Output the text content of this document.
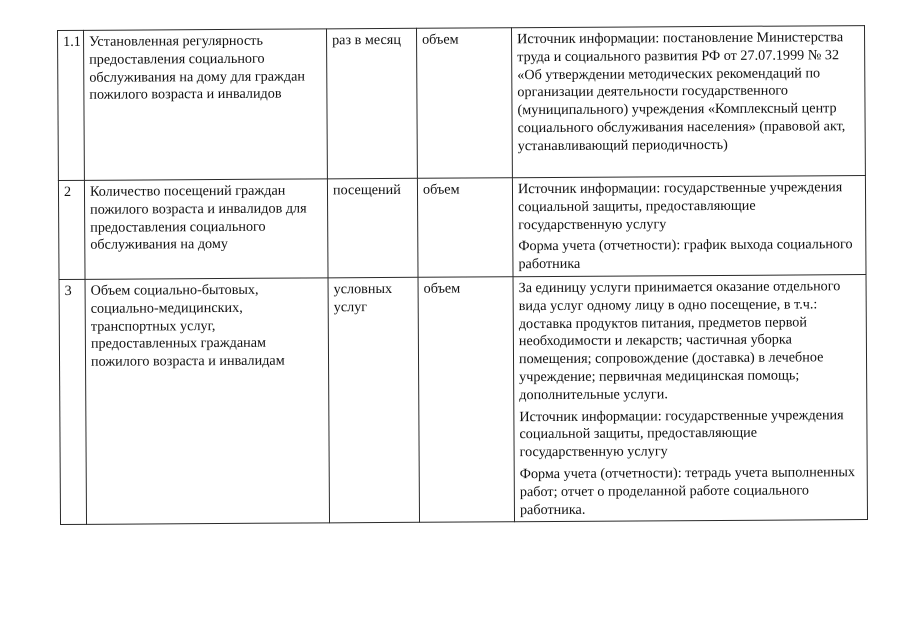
1.1	Установленная регулярность предоставления социального обслуживания на дому для граждан пожилого возраста и инвалидов	раз в месяц	объем	Источник информации: постановление Министерства труда и социального развития РФ от 27.07.1999 № 32 «Об утверждении методических рекомендаций по организации деятельности государственного (муниципального) учреждения «Комплексный центр социального обслуживания населения» (правовой акт, устанавливающий периодичность)

2	Количество посещений граждан пожилого возраста и инвалидов для предоставления социального обслуживания на дому	посещений	объем	Источник информации: государственные учреждения социальной защиты, предоставляющие государственную услугу

Форма учета (отчетности): график выхода социального работника

3	Объем социально-бытовых, социально-медицинских, транспортных услуг, предоставленных гражданам пожилого возраста и инвалидам	условных услуг	объем	За единицу услуги принимается оказание отдельного вида услуг одному лицу в одно посещение, в т.ч.: доставка продуктов питания, предметов первой необходимости и лекарств; частичная уборка помещения; сопровождение (доставка) в лечебное учреждение; первичная медицинская помощь; дополнительные услуги.

Источник информации: государственные учреждения социальной защиты, предоставляющие государственную услугу

Форма учета (отчетности): тетрадь учета выполненных работ; отчет о проделанной работе социального работника.
